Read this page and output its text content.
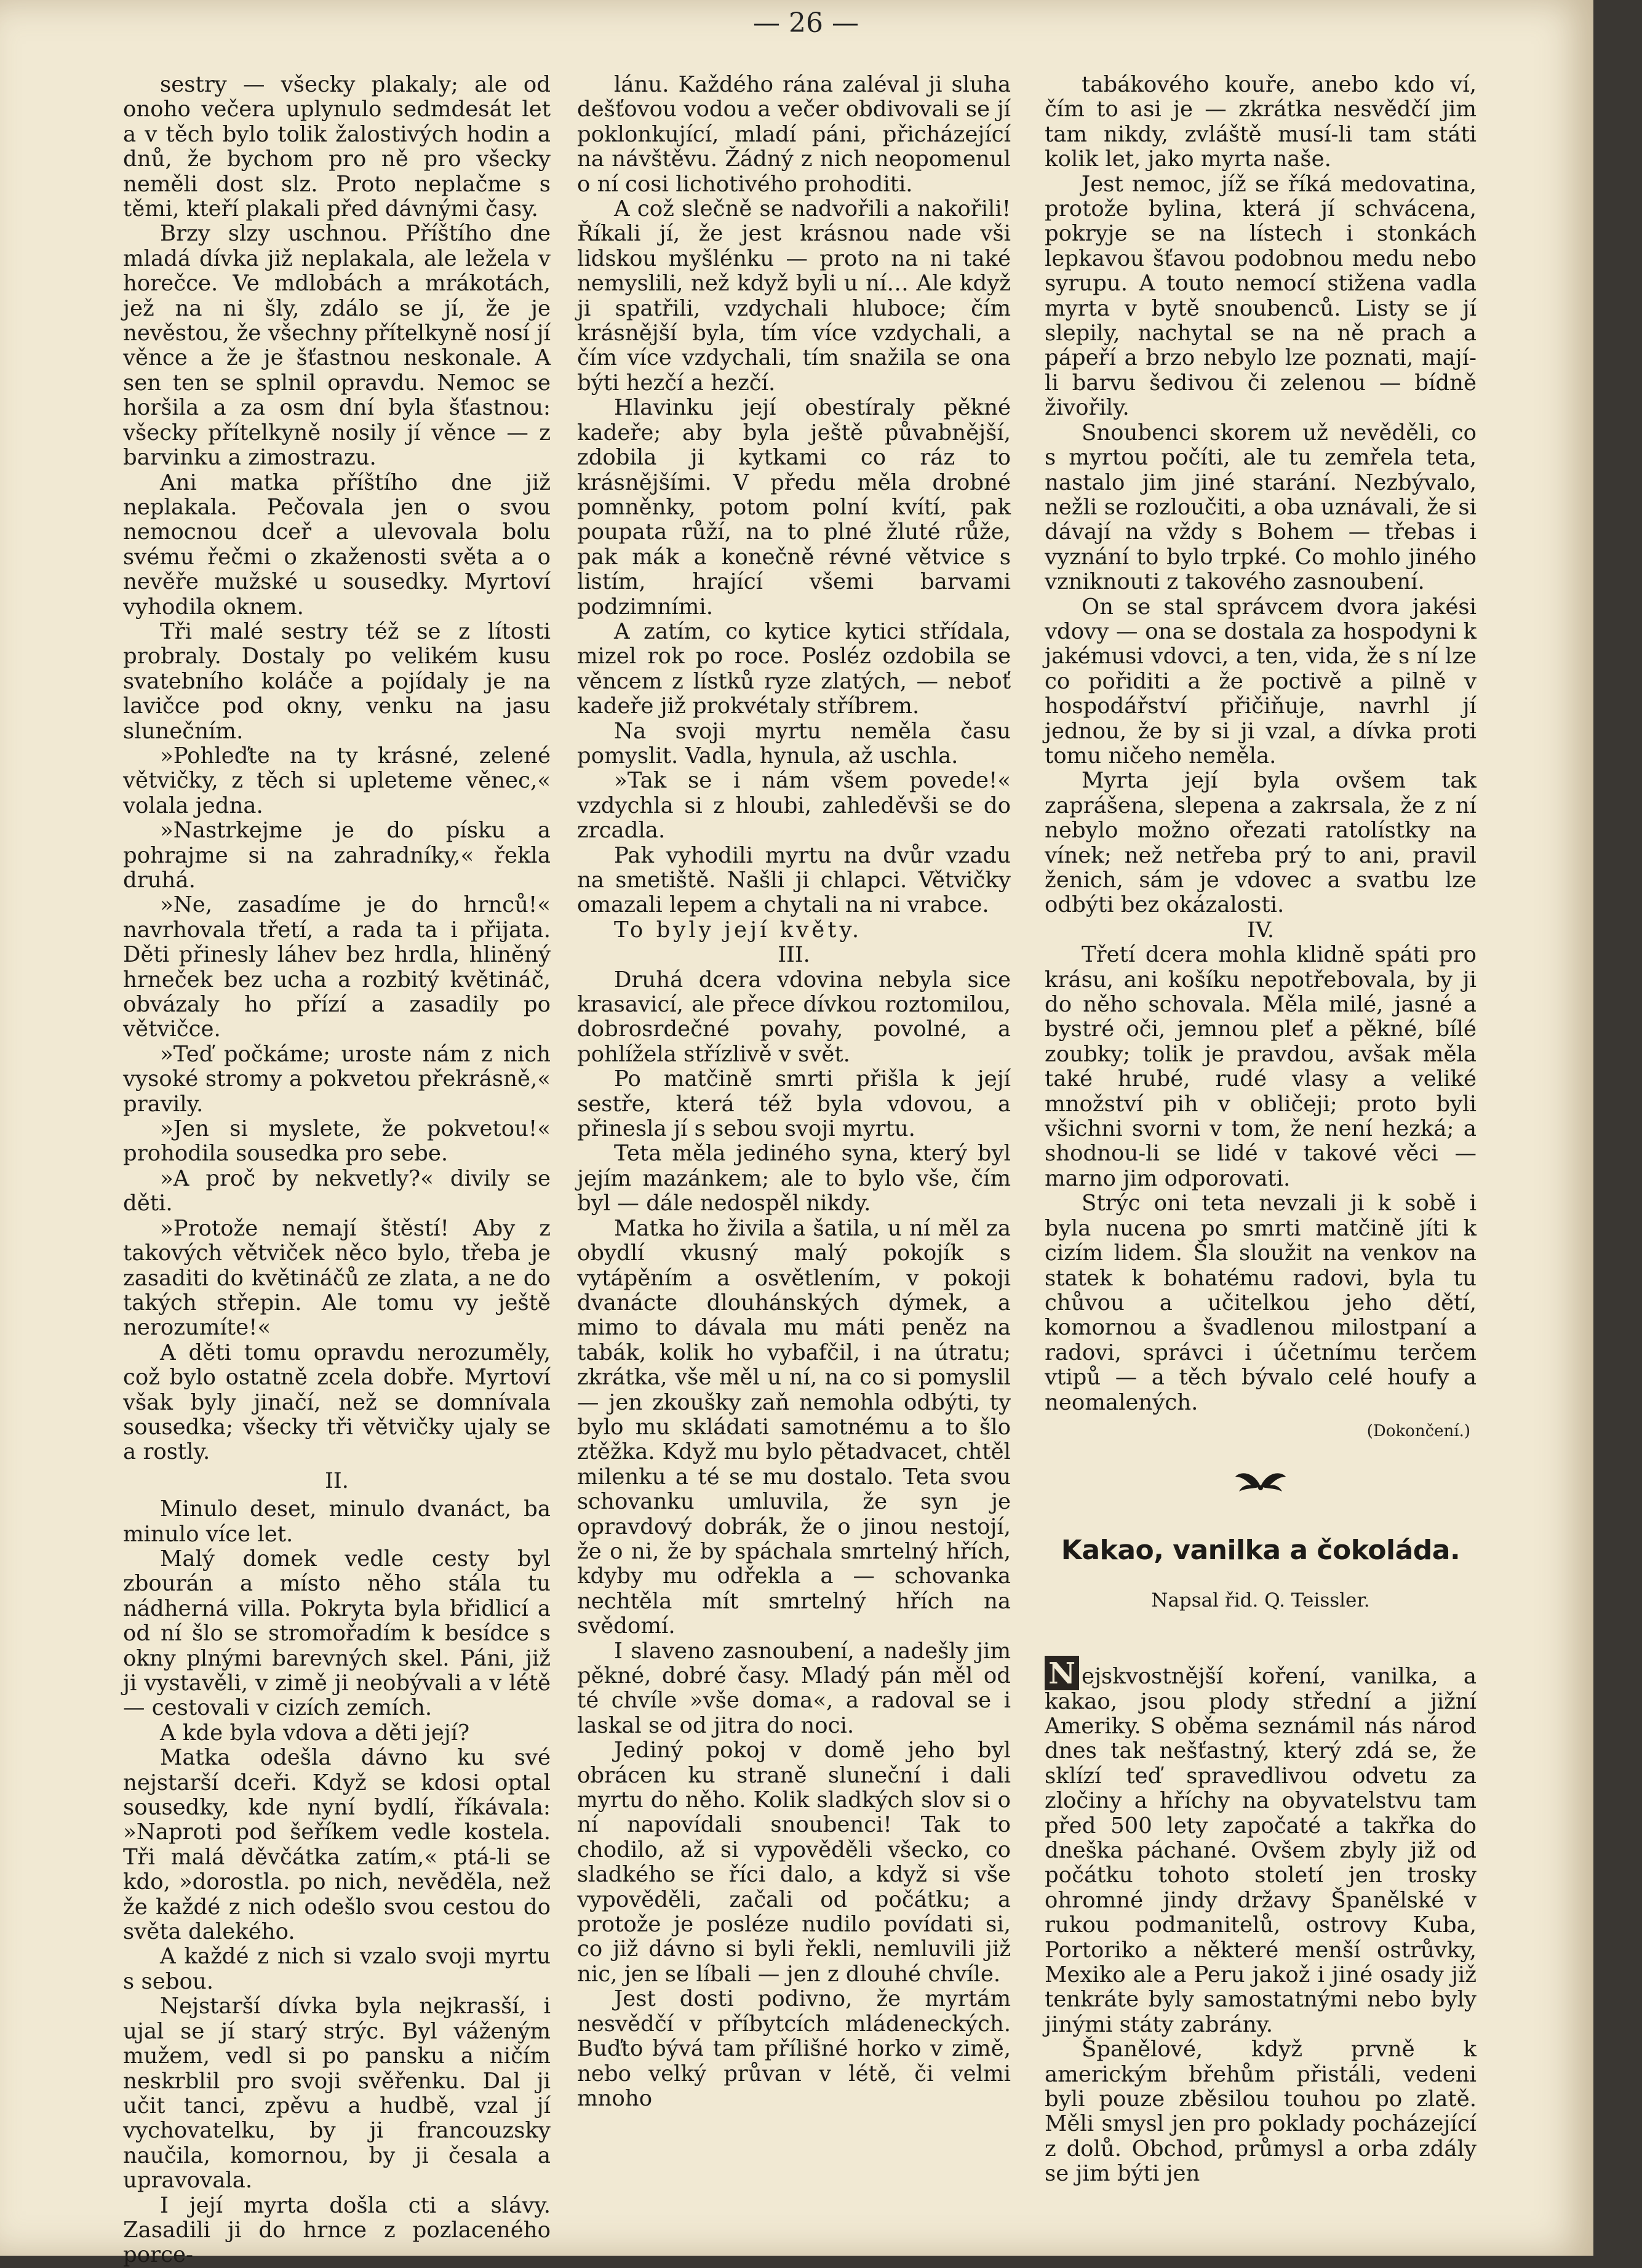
— 26 —

sestry — všecky plakaly; ale od onoho večera uplynulo sedmdesát let a v těch bylo tolik žalostivých hodin a dnů, že bychom pro ně pro všecky neměli dost slz. Proto neplačme s těmi, kteří plakali před dávnými časy.

Brzy slzy uschnou. Příštího dne mladá dívka již neplakala, ale ležela v horečce. Ve mdlobách a mrákotách, jež na ni šly, zdálo se jí, že je nevěstou, že všechny přítelkyně nosí jí věnce a že je šťastnou neskonale. A sen ten se splnil opravdu. Nemoc se horšila a za osm dní byla šťastnou: všecky přítelkyně nosily jí věnce — z barvinku a zimostrazu.

Ani matka příštího dne již neplakala. Pečovala jen o svou nemocnou dceř a ulevovala bolu svému řečmi o zkaženosti světa a o nevěře mužské u sousedky. Myrtoví vyhodila oknem.

Tři malé sestry též se z lítosti probraly. Dostaly po velikém kusu svatebního koláče a pojídaly je na lavičce pod okny, venku na jasu slunečním.

»Pohleďte na ty krásné, zelené větvičky, z těch si upleteme věnec,« volala jedna.

»Nastrkejme je do písku a pohrajme si na zahradníky,« řekla druhá.

»Ne, zasadíme je do hrnců!« navrhovala třetí, a rada ta i přijata. Děti přinesly láhev bez hrdla, hliněný hrneček bez ucha a rozbitý květináč, obvázaly ho přízí a zasadily po větvičce.

»Teď počkáme; uroste nám z nich vysoké stromy a pokvetou překrásně,« pravily.

»Jen si myslete, že pokvetou!« prohodila sousedka pro sebe.

»A proč by nekvetly?« divily se děti.

»Protože nemají štěstí! Aby z takových větviček něco bylo, třeba je zasaditi do květináčů ze zlata, a ne do takých střepin. Ale tomu vy ještě nerozumíte!«

A děti tomu opravdu nerozuměly, což bylo ostatně zcela dobře. Myrtoví však byly jinačí, než se domnívala sousedka; všecky tři větvičky ujaly se a rostly.

II.

Minulo deset, minulo dvanáct, ba minulo více let.

Malý domek vedle cesty byl zbourán a místo něho stála tu nádherná villa. Pokryta byla břidlicí a od ní šlo se stromořadím k besídce s okny plnými barevných skel. Páni, již ji vystavěli, v zimě ji neobývali a v létě — cestovali v cizích zemích.

A kde byla vdova a děti její?

Matka odešla dávno ku své nejstarší dceři. Když se kdosi optal sousedky, kde nyní bydlí, říkávala: »Naproti pod šeříkem vedle kostela. Tři malá děvčátka zatím,« ptá-li se kdo, »dorostla. po nich, nevěděla, než že každé z nich odešlo svou cestou do světa dalekého.

A každé z nich si vzalo svoji myrtu s sebou.

Nejstarší dívka byla nejkrasší, i ujal se jí starý strýc. Byl váženým mužem, vedl si po pansku a ničím neskrblil pro svoji svěřenku. Dal ji učit tanci, zpěvu a hudbě, vzal jí vychovatelku, by ji francouzsky naučila, komornou, by ji česala a upravovala.

I její myrta došla cti a slávy. Zasadili ji do hrnce z pozlaceného porce-

lánu. Každého rána zaléval ji sluha dešťovou vodou a večer obdivovali se jí poklonkující, mladí páni, přicházející na návštěvu. Žádný z nich neopomenul o ní cosi lichotivého prohoditi.

A což slečně se nadvořili a nakořili! Říkali jí, že jest krásnou nade vši lidskou myšlénku — proto na ni také nemyslili, než když byli u ní… Ale když ji spatřili, vzdychali hluboce; čím krásnější byla, tím více vzdychali, a čím více vzdychali, tím snažila se ona býti hezčí a hezčí.

Hlavinku její obestíraly pěkné kadeře; aby byla ještě půvabnější, zdobila ji kytkami co ráz to krásnějšími. V předu měla drobné pomněnky, potom polní kvítí, pak poupata růží, na to plné žluté růže, pak mák a konečně révné větvice s listím, hrající všemi barvami podzimními.

A zatím, co kytice kytici střídala, mizel rok po roce. Posléz ozdobila se věncem z lístků ryze zlatých, — neboť kadeře již prokvétaly stříbrem.

Na svoji myrtu neměla času pomyslit. Vadla, hynula, až uschla.

»Tak se i nám všem povede!« vzdychla si z hloubi, zahleděvši se do zrcadla.

Pak vyhodili myrtu na dvůr vzadu na smetiště. Našli ji chlapci. Větvičky omazali lepem a chytali na ni vrabce.

To byly její květy.

III.

Druhá dcera vdovina nebyla sice krasavicí, ale přece dívkou roztomilou, dobrosrdečné povahy, povolné, a pohlížela střízlivě v svět.

Po matčině smrti přišla k její sestře, která též byla vdovou, a přinesla jí s sebou svoji myrtu.

Teta měla jediného syna, který byl jejím mazánkem; ale to bylo vše, čím byl — dále nedospěl nikdy.

Matka ho živila a šatila, u ní měl za obydlí vkusný malý pokojík s vytápěním a osvětlením, v pokoji dvanácte dlouhánských dýmek, a mimo to dávala mu máti peněz na tabák, kolik ho vybafčil, i na útratu; zkrátka, vše měl u ní, na co si pomyslil — jen zkoušky zaň nemohla odbýti, ty bylo mu skládati samotnému a to šlo ztěžka. Když mu bylo pětadvacet, chtěl milenku a té se mu dostalo. Teta svou schovanku umluvila, že syn je opravdový dobrák, že o jinou nestojí, že o ni, že by spáchala smrtelný hřích, kdyby mu odřekla a — schovanka nechtěla mít smrtelný hřích na svědomí.

I slaveno zasnoubení, a nadešly jim pěkné, dobré časy. Mladý pán měl od té chvíle »vše doma«, a radoval se i laskal se od jitra do noci.

Jediný pokoj v domě jeho byl obrácen ku straně sluneční i dali myrtu do něho. Kolik sladkých slov si o ní napovídali snoubenci! Tak to chodilo, až si vypověděli všecko, co sladkého se říci dalo, a když si vše vypověděli, začali od počátku; a protože je posléze nudilo povídati si, co již dávno si byli řekli, nemluvili již nic, jen se líbali — jen z dlouhé chvíle.

Jest dosti podivno, že myrtám nesvědčí v příbytcích mládeneckých. Buďto bývá tam přílišné horko v zimě, nebo velký průvan v létě, či velmi mnoho

tabákového kouře, anebo kdo ví, čím to asi je — zkrátka nesvědčí jim tam nikdy, zvláště musí-li tam státi kolik let, jako myrta naše.

Jest nemoc, jíž se říká medovatina, protože bylina, která jí schvácena, pokryje se na lístech i stonkách lepkavou šťavou podobnou medu nebo syrupu. A touto nemocí stižena vadla myrta v bytě snoubenců. Listy se jí slepily, nachytal se na ně prach a pápeří a brzo nebylo lze poznati, mají-li barvu šedivou či zelenou — bídně živořily.

Snoubenci skorem už nevěděli, co s myrtou počíti, ale tu zemřela teta, nastalo jim jiné starání. Nezbývalo, nežli se rozloučiti, a oba uznávali, že si dávají na vždy s Bohem — třebas i vyznání to bylo trpké. Co mohlo jiného vzniknouti z takového zasnoubení.

On se stal správcem dvora jakési vdovy — ona se dostala za hospodyni k jakémusi vdovci, a ten, vida, že s ní lze co pořiditi a že poctivě a pilně v hospodářství přičiňuje, navrhl jí jednou, že by si ji vzal, a dívka proti tomu ničeho neměla.

Myrta její byla ovšem tak zaprášena, slepena a zakrsala, že z ní nebylo možno ořezati ratolístky na vínek; než netřeba prý to ani, pravil ženich, sám je vdovec a svatbu lze odbýti bez okázalosti.

IV.

Třetí dcera mohla klidně spáti pro krásu, ani košíku nepotřebovala, by ji do něho schovala. Měla milé, jasné a bystré oči, jemnou pleť a pěkné, bílé zoubky; tolik je pravdou, avšak měla také hrubé, rudé vlasy a veliké množství pih v obličeji; proto byli všichni svorni v tom, že není hezká; a shodnou-li se lidé v takové věci — marno jim odporovati.

Strýc oni teta nevzali ji k sobě i byla nucena po smrti matčině jíti k cizím lidem. Šla sloužit na venkov na statek k bohatému radovi, byla tu chůvou a učitelkou jeho dětí, komornou a švadlenou milostpaní a radovi, správci i účetnímu terčem vtipů — a těch bývalo celé houfy a neomalených.

(Dokončení.)

Kakao, vanilka a čokoláda.

Napsal řid. Q. Teissler.

N ejskvostnější koření, vanilka, a kakao, jsou plody střední a jižní Ameriky. S oběma seznámil nás národ dnes tak nešťastný, který zdá se, že sklízí teď spravedlivou odvetu za zločiny a hříchy na obyvatelstvu tam před 500 lety započaté a takřka do dneška páchané. Ovšem zbyly již od počátku tohoto století jen trosky ohromné jindy državy Španělské v rukou podmanitelů, ostrovy Kuba, Portoriko a některé menší ostrůvky, Mexiko ale a Peru jakož i jiné osady již tenkráte byly samostatnými nebo byly jinými státy zabrány.

Španělové, když prvně k americkým břehům přistáli, vedeni byli pouze zběsilou touhou po zlatě. Měli smysl jen pro poklady pocházející z dolů. Obchod, průmysl a orba zdály se jim býti jen
